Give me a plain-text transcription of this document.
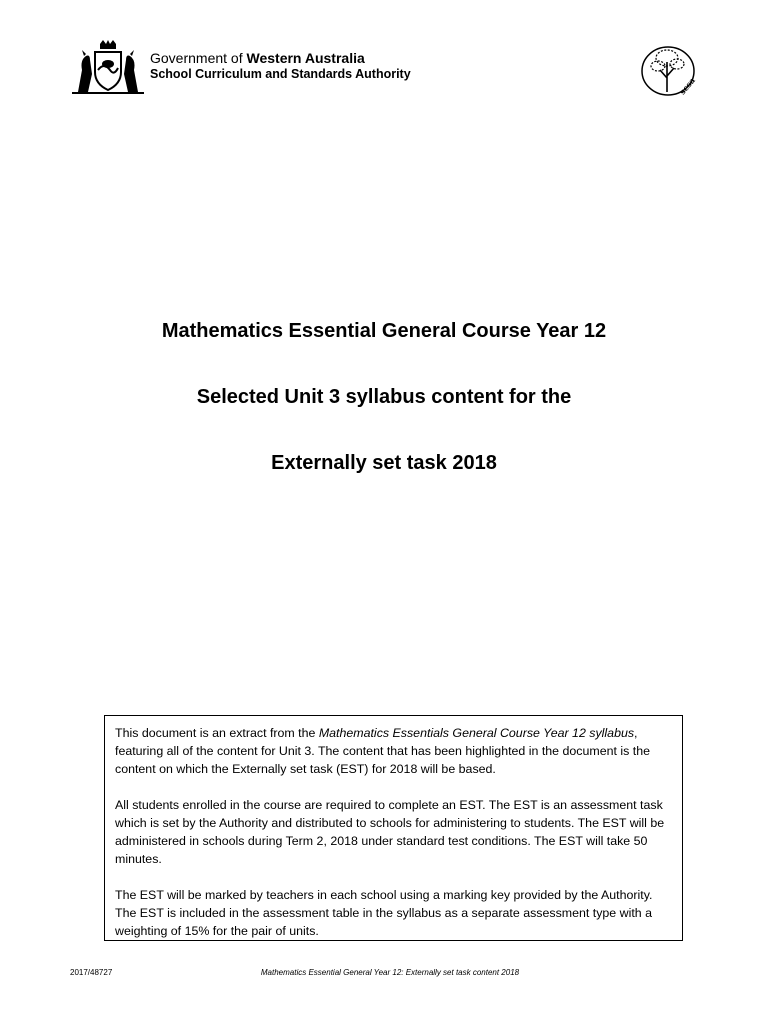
Government of Western Australia
School Curriculum and Standards Authority
scsa

Mathematics Essential General Course Year 12

Selected Unit 3 syllabus content for the

Externally set task 2018

This document is an extract from the Mathematics Essentials General Course Year 12 syllabus, featuring all of the content for Unit 3. The content that has been highlighted in the document is the content on which the Externally set task (EST) for 2018 will be based.

All students enrolled in the course are required to complete an EST. The EST is an assessment task which is set by the Authority and distributed to schools for administering to students. The EST will be administered in schools during Term 2, 2018 under standard test conditions. The EST will take 50 minutes.

The EST will be marked by teachers in each school using a marking key provided by the Authority. The EST is included in the assessment table in the syllabus as a separate assessment type with a weighting of 15% for the pair of units.

2017/48727	Mathematics Essential General Year 12: Externally set task content 2018
